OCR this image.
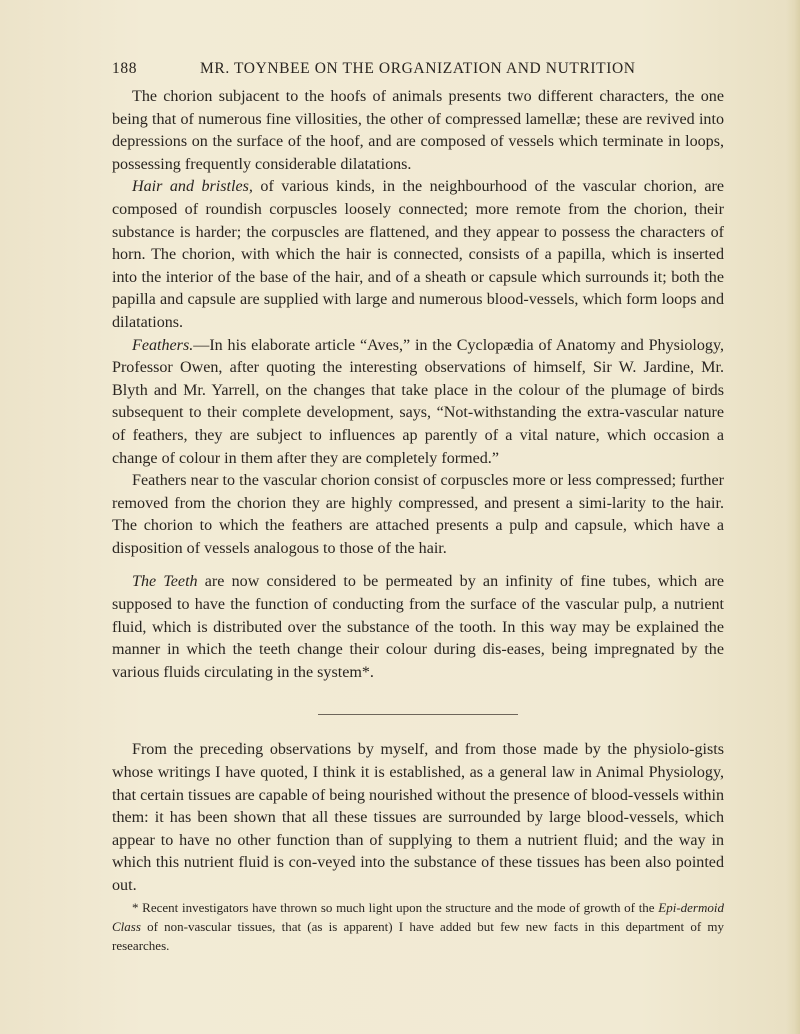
188	MR. TOYNBEE ON THE ORGANIZATION AND NUTRITION

The chorion subjacent to the hoofs of animals presents two different characters, the one being that of numerous fine villosities, the other of compressed lamellæ; these are revived into depressions on the surface of the hoof, and are composed of vessels which terminate in loops, possessing frequently considerable dilatations.

Hair and bristles, of various kinds, in the neighbourhood of the vascular chorion, are composed of roundish corpuscles loosely connected; more remote from the chorion, their substance is harder; the corpuscles are flattened, and they appear to possess the characters of horn. The chorion, with which the hair is connected, consists of a papilla, which is inserted into the interior of the base of the hair, and of a sheath or capsule which surrounds it; both the papilla and capsule are supplied with large and numerous blood-vessels, which form loops and dilatations.

Feathers.—In his elaborate article “Aves,” in the Cyclopædia of Anatomy and Physiology, Professor Owen, after quoting the interesting observations of himself, Sir W. Jardine, Mr. Blyth and Mr. Yarrell, on the changes that take place in the colour of the plumage of birds subsequent to their complete development, says, “Not-withstanding the extra-vascular nature of feathers, they are subject to influences ap parently of a vital nature, which occasion a change of colour in them after they are completely formed.”

Feathers near to the vascular chorion consist of corpuscles more or less compressed; further removed from the chorion they are highly compressed, and present a simi-larity to the hair. The chorion to which the feathers are attached presents a pulp and capsule, which have a disposition of vessels analogous to those of the hair.

The Teeth are now considered to be permeated by an infinity of fine tubes, which are supposed to have the function of conducting from the surface of the vascular pulp, a nutrient fluid, which is distributed over the substance of the tooth. In this way may be explained the manner in which the teeth change their colour during dis-eases, being impregnated by the various fluids circulating in the system*.

From the preceding observations by myself, and from those made by the physiolo-gists whose writings I have quoted, I think it is established, as a general law in Animal Physiology, that certain tissues are capable of being nourished without the presence of blood-vessels within them: it has been shown that all these tissues are surrounded by large blood-vessels, which appear to have no other function than of supplying to them a nutrient fluid; and the way in which this nutrient fluid is con-veyed into the substance of these tissues has been also pointed out.

* Recent investigators have thrown so much light upon the structure and the mode of growth of the Epi-dermoid Class of non-vascular tissues, that (as is apparent) I have added but few new facts in this department of my researches.
